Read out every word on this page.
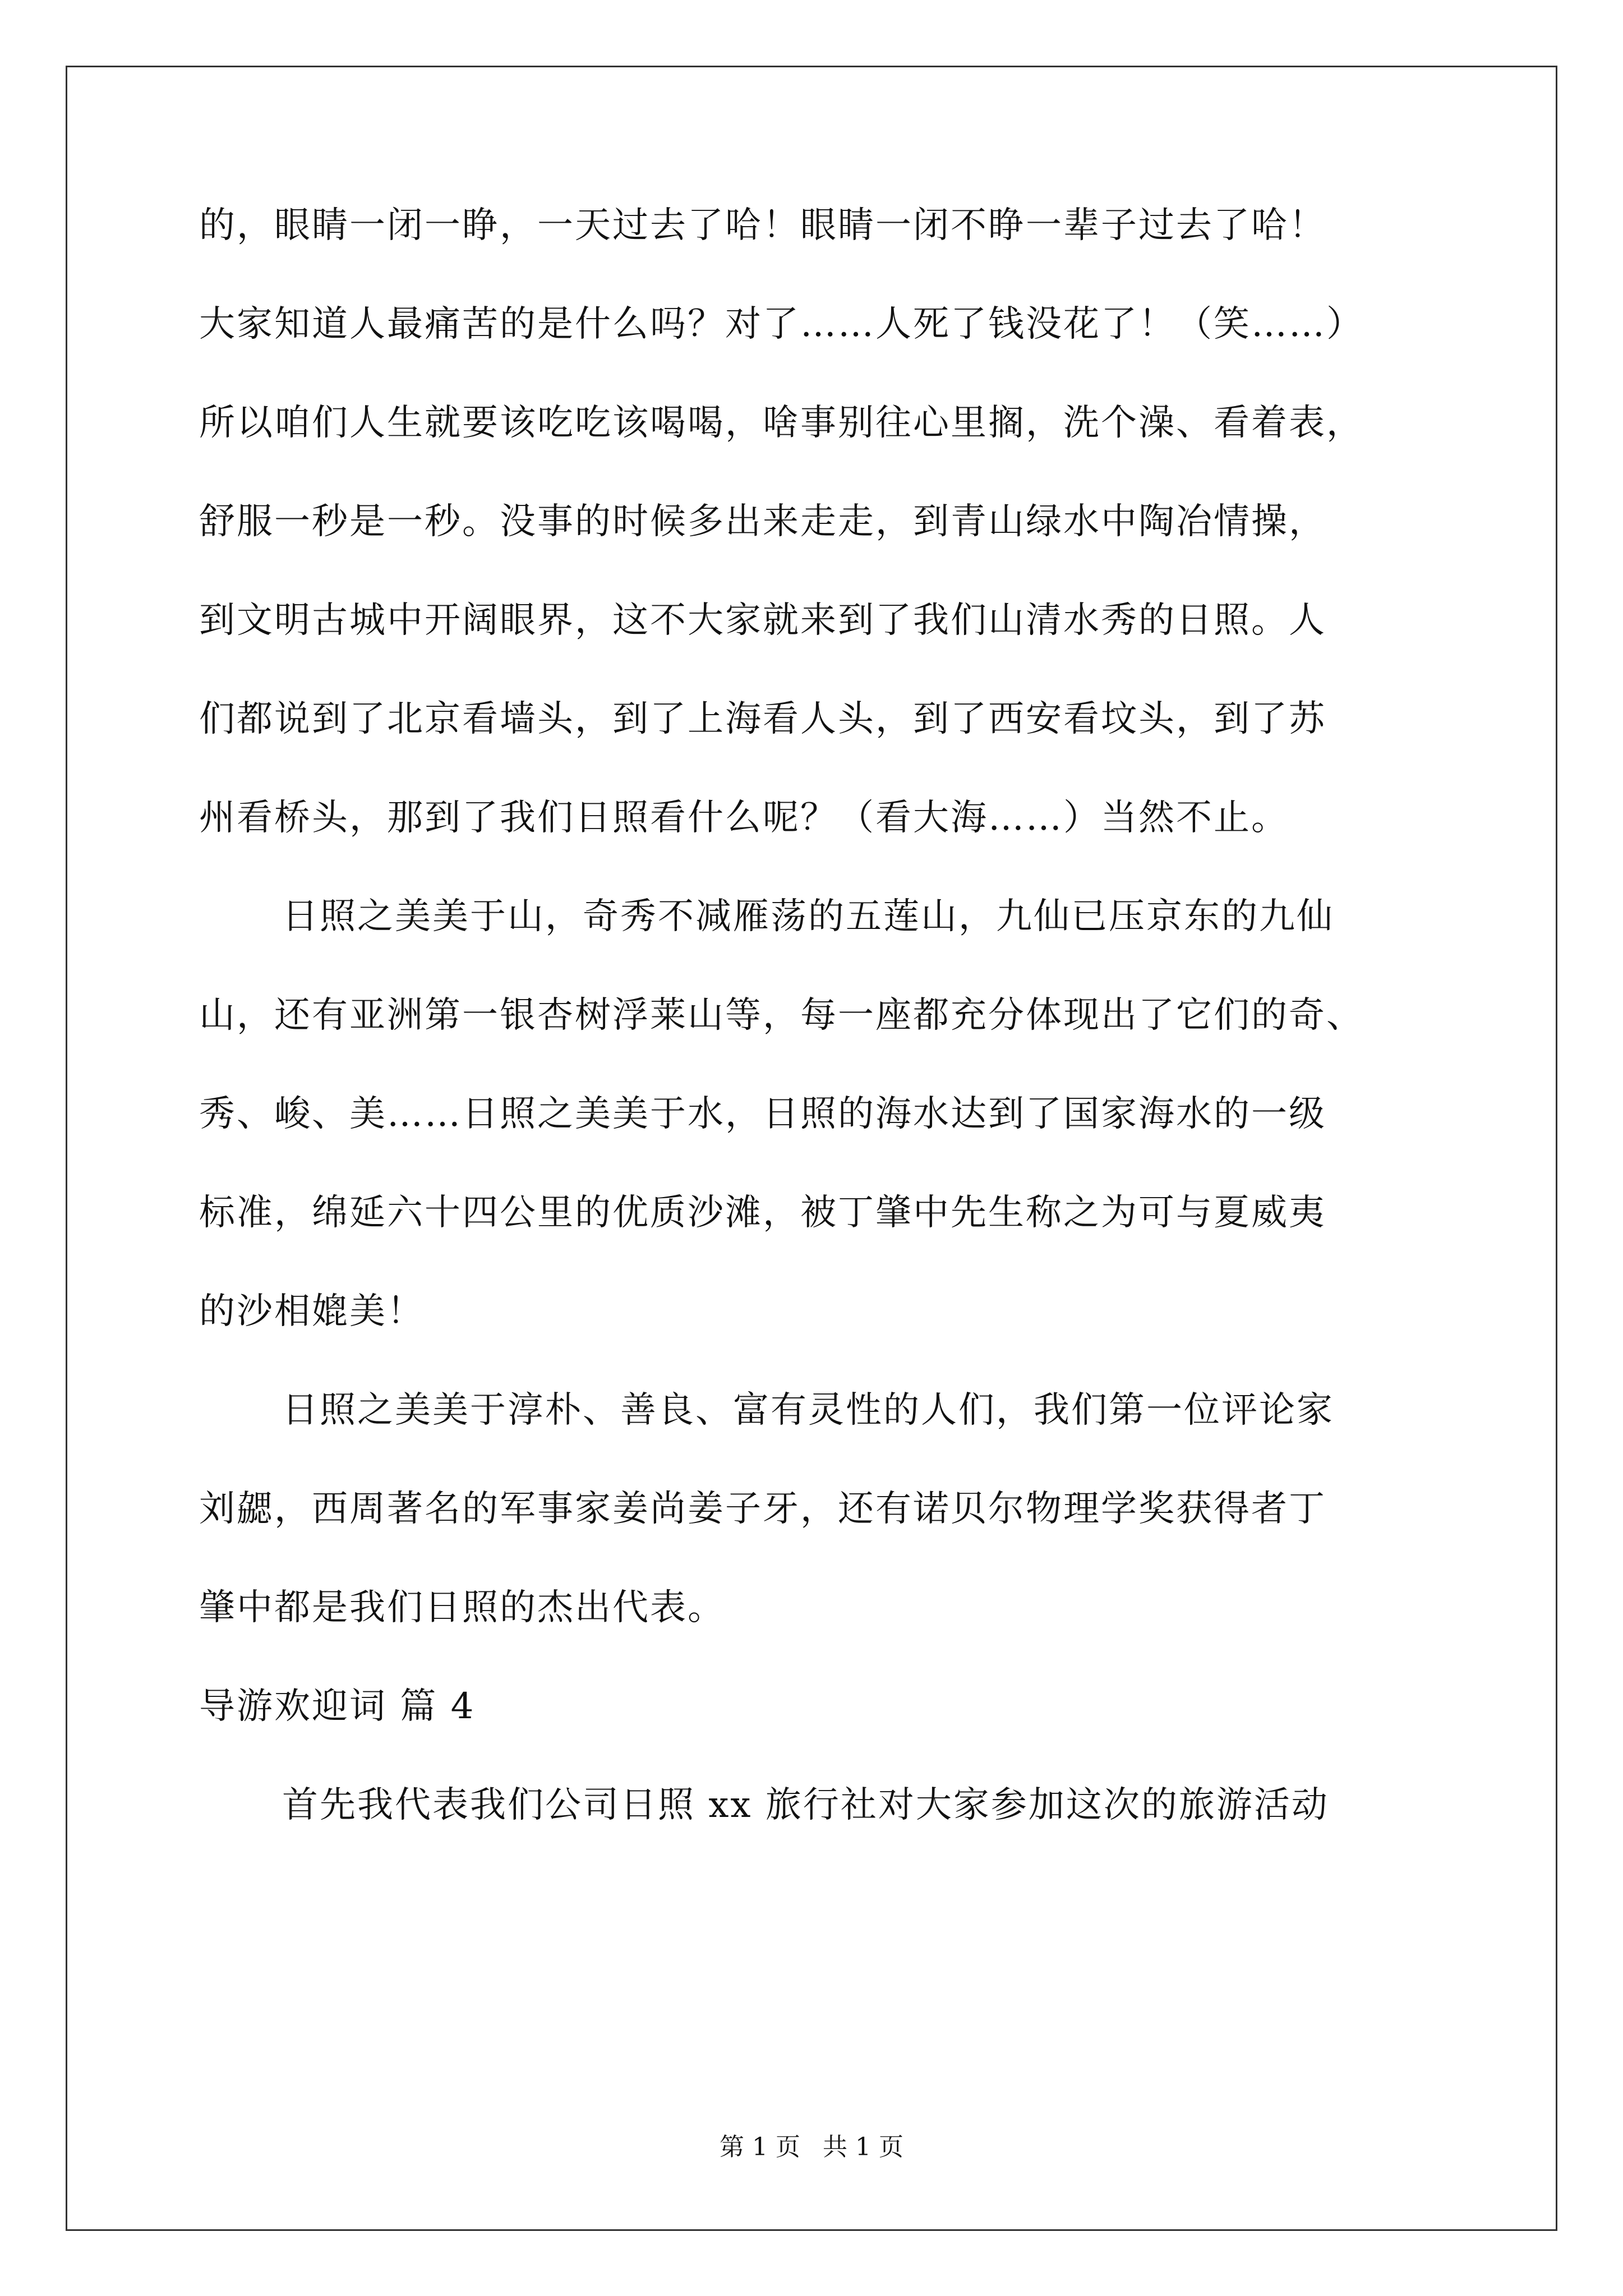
的，眼睛一闭一睁，一天过去了哈！眼睛一闭不睁一辈子过去了哈！

大家知道人最痛苦的是什么吗？对了……人死了钱没花了！（笑……）

所以咱们人生就要该吃吃该喝喝，啥事别往心里搁，洗个澡、看着表，

舒服一秒是一秒。没事的时候多出来走走，到青山绿水中陶冶情操，

到文明古城中开阔眼界，这不大家就来到了我们山清水秀的日照。人

们都说到了北京看墙头，到了上海看人头，到了西安看坟头，到了苏

州看桥头，那到了我们日照看什么呢？（看大海……）当然不止。

日照之美美于山，奇秀不减雁荡的五莲山，九仙已压京东的九仙

山，还有亚洲第一银杏树浮莱山等，每一座都充分体现出了它们的奇、

秀、峻、美……日照之美美于水，日照的海水达到了国家海水的一级

标准，绵延六十四公里的优质沙滩，被丁肇中先生称之为可与夏威夷

的沙相媲美！

日照之美美于淳朴、善良、富有灵性的人们，我们第一位评论家

刘勰，西周著名的军事家姜尚姜子牙，还有诺贝尔物理学奖获得者丁

肇中都是我们日照的杰出代表。

导游欢迎词 篇 4

首先我代表我们公司日照 xx 旅行社对大家参加这次的旅游活动

第 1 页 共 1 页
